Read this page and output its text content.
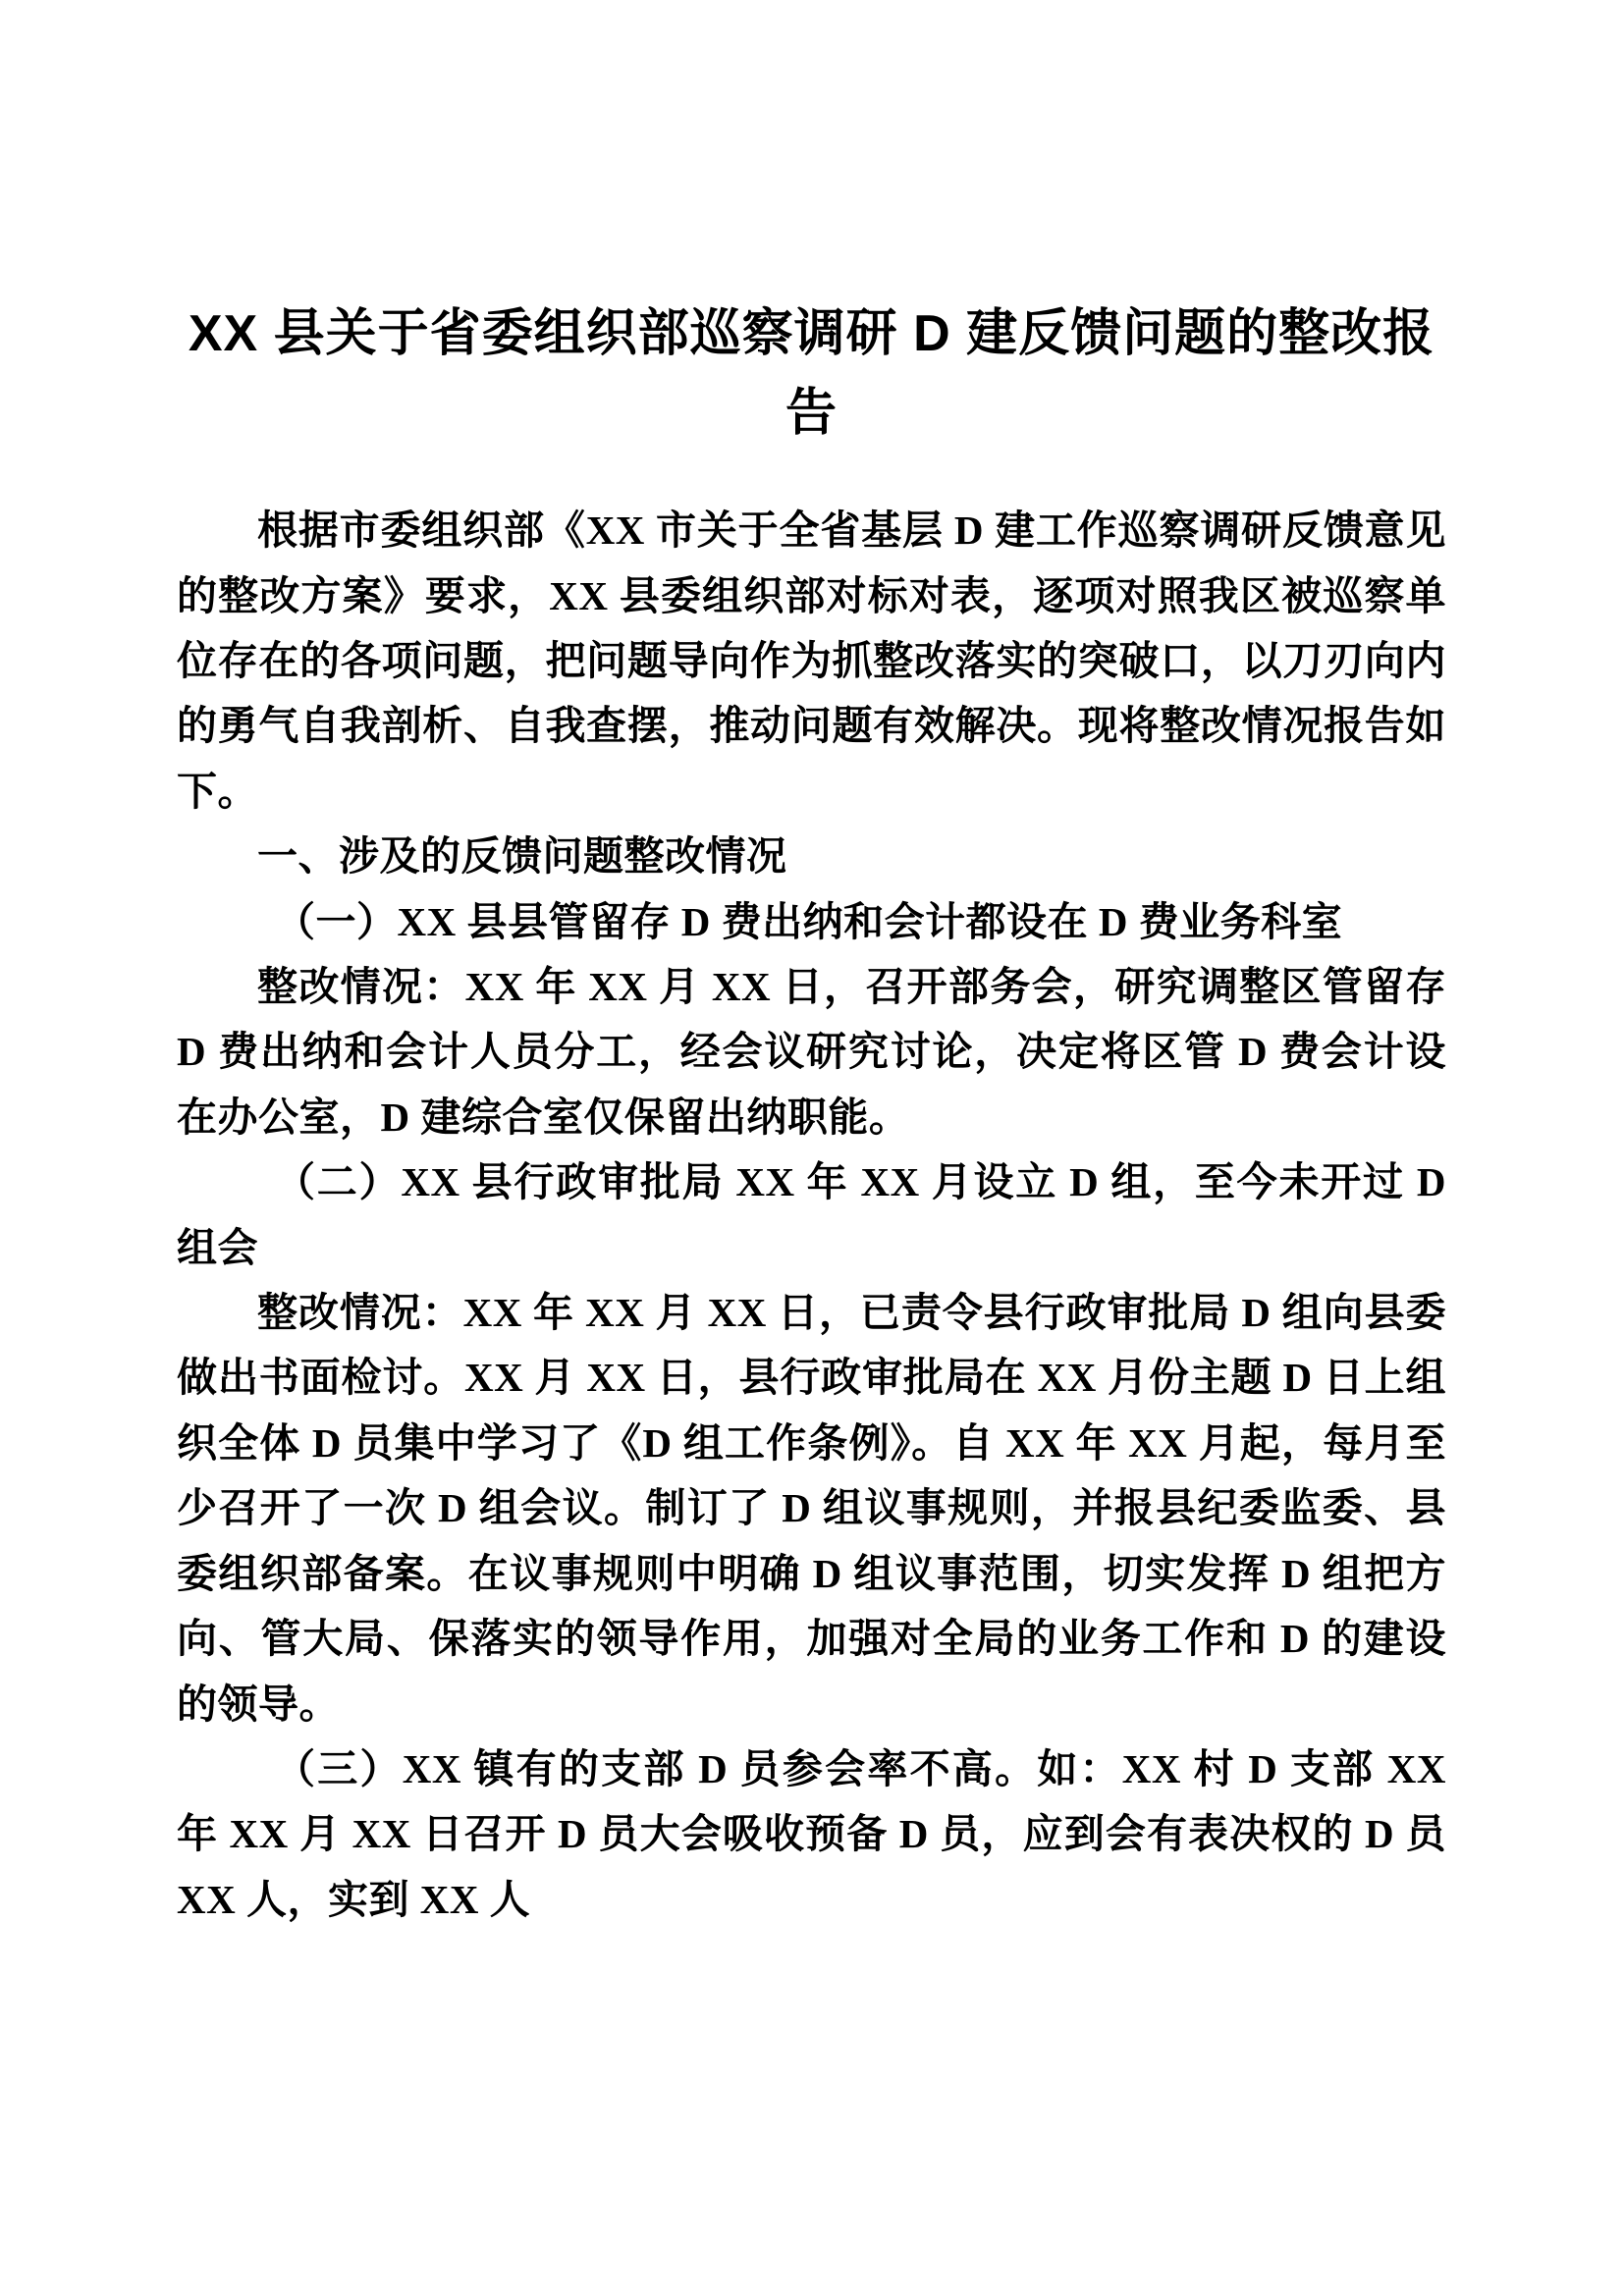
XX 县关于省委组织部巡察调研 D 建反馈问题的整改报告

根据市委组织部《XX 市关于全省基层 D 建工作巡察调研反馈意见的整改方案》要求，XX 县委组织部对标对表，逐项对照我区被巡察单位存在的各项问题，把问题导向作为抓整改落实的突破口，以刀刃向内的勇气自我剖析、自我查摆，推动问题有效解决。现将整改情况报告如下。

一、涉及的反馈问题整改情况

（一）XX 县县管留存 D 费出纳和会计都设在 D 费业务科室

整改情况：XX 年 XX 月 XX 日，召开部务会，研究调整区管留存 D 费出纳和会计人员分工，经会议研究讨论，决定将区管 D 费会计设在办公室，D 建综合室仅保留出纳职能。

（二）XX 县行政审批局 XX 年 XX 月设立 D 组，至今未开过 D 组会

整改情况：XX 年 XX 月 XX 日，已责令县行政审批局 D 组向县委做出书面检讨。XX 月 XX 日，县行政审批局在 XX 月份主题 D 日上组织全体 D 员集中学习了《D 组工作条例》。自 XX 年 XX 月起，每月至少召开了一次 D 组会议。制订了 D 组议事规则，并报县纪委监委、县委组织部备案。在议事规则中明确 D 组议事范围，切实发挥 D 组把方向、管大局、保落实的领导作用，加强对全局的业务工作和 D 的建设的领导。

（三）XX 镇有的支部 D 员参会率不高。如：XX 村 D 支部 XX 年 XX 月 XX 日召开 D 员大会吸收预备 D 员，应到会有表决权的 D 员 XX 人，实到 XX 人
